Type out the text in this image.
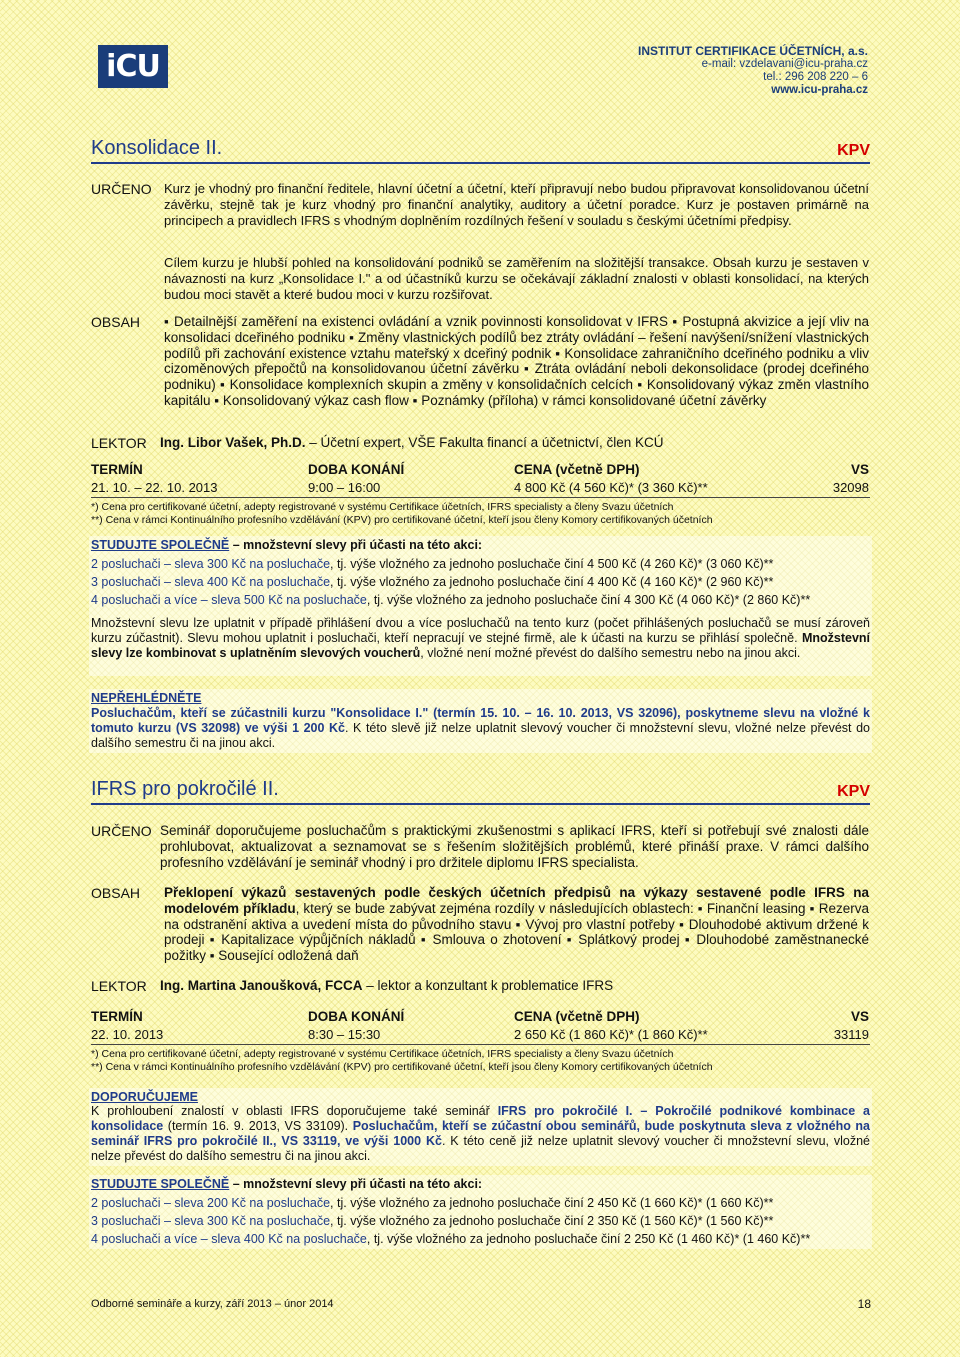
iCU	INSTITUT CERTIFIKACE ÚČETNÍCH, a.s.
e-mail: vzdelavani@icu-praha.cz
tel.: 296 208 220 – 6
www.icu-praha.cz
Konsolidace II.	KPV
URČENO Kurz je vhodný pro finanční ředitele, hlavní účetní a účetní, kteří připravují nebo budou připravovat konsolidovanou účetní závěrku, stejně tak je kurz vhodný pro finanční analytiky, auditory a účetní poradce. Kurz je postaven primárně na principech a pravidlech IFRS s vhodným doplněním rozdílných řešení v souladu s českými účetními předpisy.
Cílem kurzu je hlubší pohled na konsolidování podniků se zaměřením na složitější transakce. Obsah kurzu je sestaven v návaznosti na kurz „Konsolidace I." a od účastníků kurzu se očekávají základní znalosti v oblasti konsolidací, na kterých budou moci stavět a které budou moci v kurzu rozšiřovat.
OBSAH ▪ Detailnější zaměření na existenci ovládání a vznik povinnosti konsolidovat v IFRS ▪ Postupná akvizice a její vliv na konsolidaci dceřiného podniku ▪ Změny vlastnických podílů bez ztráty ovládání – řešení navýšení/snížení vlastnických podílů při zachování existence vztahu mateřský x dceřiný podnik ▪ Konsolidace zahraničního dceřiného podniku a vliv cizoměnových přepočtů na konsolidovanou účetní závěrku ▪ Ztráta ovládání neboli dekonsolidace (prodej dceřiného podniku) ▪ Konsolidace komplexních skupin a změny v konsolidačních celcích ▪ Konsolidovaný výkaz změn vlastního kapitálu ▪ Konsolidovaný výkaz cash flow ▪ Poznámky (příloha) v rámci konsolidované účetní závěrky
LEKTOR Ing. Libor Vašek, Ph.D. – Účetní expert, VŠE Fakulta financí a účetnictví, člen KCÚ
TERMÍN	DOBA KONÁNÍ	CENA (včetně DPH)	VS
21. 10. – 22. 10. 2013	9:00 – 16:00	4 800 Kč (4 560 Kč)* (3 360 Kč)**	32098
*) Cena pro certifikované účetní, adepty registrované v systému Certifikace účetních, IFRS specialisty a členy Svazu účetních
**) Cena v rámci Kontinuálního profesního vzdělávání (KPV) pro certifikované účetní, kteří jsou členy Komory certifikovaných účetních
STUDUJTE SPOLEČNĚ – množstevní slevy při účasti na této akci:
2 posluchači – sleva 300 Kč na posluchače, tj. výše vložného za jednoho posluchače činí 4 500 Kč (4 260 Kč)* (3 060 Kč)**
3 posluchači – sleva 400 Kč na posluchače, tj. výše vložného za jednoho posluchače činí 4 400 Kč (4 160 Kč)* (2 960 Kč)**
4 posluchači a více – sleva 500 Kč na posluchače, tj. výše vložného za jednoho posluchače činí 4 300 Kč (4 060 Kč)* (2 860 Kč)**
Množstevní slevu lze uplatnit v případě přihlášení dvou a více posluchačů na tento kurz (počet přihlášených posluchačů se musí zároveň kurzu zúčastnit). Slevu mohou uplatnit i posluchači, kteří nepracují ve stejné firmě, ale k účasti na kurzu se přihlásí společně. Množstevní slevy lze kombinovat s uplatněním slevových voucherů, vložné není možné převést do dalšího semestru nebo na jinou akci.
NEPŘEHLÉDNĚTE
Posluchačům, kteří se zúčastnili kurzu "Konsolidace I." (termín 15. 10. – 16. 10. 2013, VS 32096), poskytneme slevu na vložné k tomuto kurzu (VS 32098) ve výši 1 200 Kč. K této slevě již nelze uplatnit slevový voucher či množstevní slevu, vložné nelze převést do dalšího semestru či na jinou akci.
IFRS pro pokročilé II.	KPV
URČENO Seminář doporučujeme posluchačům s praktickými zkušenostmi s aplikací IFRS, kteří si potřebují své znalosti dále prohlubovat, aktualizovat a seznamovat se s řešením složitějších problémů, které přináší praxe. V rámci dalšího profesního vzdělávání je seminář vhodný i pro držitele diplomu IFRS specialista.
OBSAH Překlopení výkazů sestavených podle českých účetních předpisů na výkazy sestavené podle IFRS na modelovém příkladu, který se bude zabývat zejména rozdíly v následujících oblastech: ▪ Finanční leasing ▪ Rezerva na odstranění aktiva a uvedení místa do původního stavu ▪ Vývoj pro vlastní potřeby ▪ Dlouhodobé aktivum držené k prodeji ▪ Kapitalizace výpůjčních nákladů ▪ Smlouva o zhotovení ▪ Splátkový prodej ▪ Dlouhodobé zaměstnanecké požitky ▪ Sousející odložená daň
LEKTOR Ing. Martina Janoušková, FCCA – lektor a konzultant k problematice IFRS
TERMÍN	DOBA KONÁNÍ	CENA (včetně DPH)	VS
22. 10. 2013	8:30 – 15:30	2 650 Kč (1 860 Kč)* (1 860 Kč)**	33119
*) Cena pro certifikované účetní, adepty registrované v systému Certifikace účetních, IFRS specialisty a členy Svazu účetních
**) Cena v rámci Kontinuálního profesního vzdělávání (KPV) pro certifikované účetní, kteří jsou členy Komory certifikovaných účetních
DOPORUČUJEME
K prohloubení znalostí v oblasti IFRS doporučujeme také seminář IFRS pro pokročilé I. – Pokročilé podnikové kombinace a konsolidace (termín 16. 9. 2013, VS 33109). Posluchačům, kteří se zúčastní obou seminářů, bude poskytnuta sleva z vložného na seminář IFRS pro pokročilé II., VS 33119, ve výši 1000 Kč. K této ceně již nelze uplatnit slevový voucher či množstevní slevu, vložné nelze převést do dalšího semestru či na jinou akci.
STUDUJTE SPOLEČNĚ – množstevní slevy při účasti na této akci:
2 posluchači – sleva 200 Kč na posluchače, tj. výše vložného za jednoho posluchače činí 2 450 Kč (1 660 Kč)* (1 660 Kč)**
3 posluchači – sleva 300 Kč na posluchače, tj. výše vložného za jednoho posluchače činí 2 350 Kč (1 560 Kč)* (1 560 Kč)**
4 posluchači a více – sleva 400 Kč na posluchače, tj. výše vložného za jednoho posluchače činí 2 250 Kč (1 460 Kč)* (1 460 Kč)**
Odborné semináře a kurzy, září 2013 – únor 2014	18
